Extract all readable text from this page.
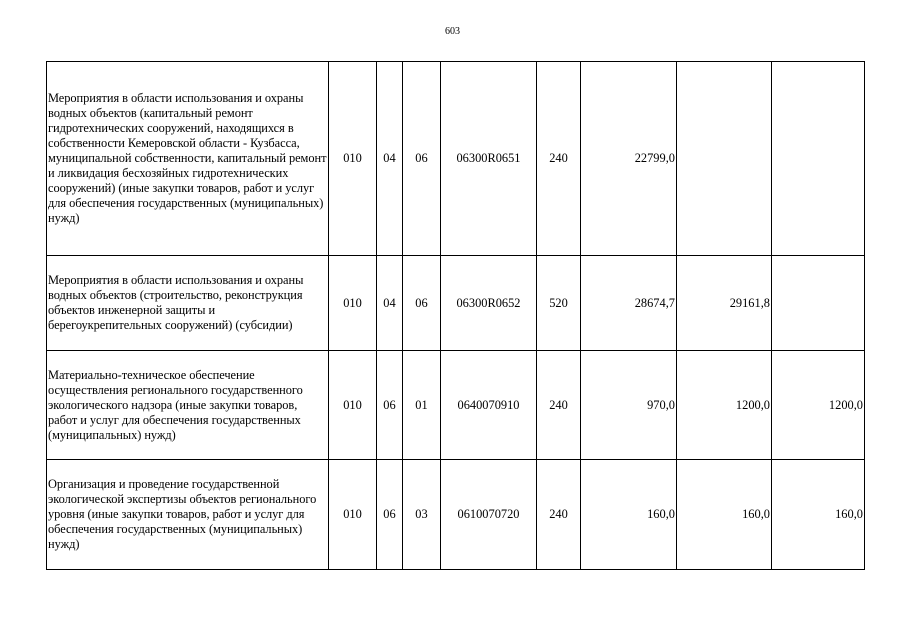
603
Мероприятия в области использования и охраны водных объектов (капитальный ремонт гидротехнических сооружений, находящихся в собственности Кемеровской области - Кузбасса, муниципальной собственности, капитальный ремонт и ликвидация бесхозяйных гидротехнических сооружений) (иные закупки товаров, работ и услуг для обеспечения государственных (муниципальных) нужд)	010	04	06	06300R0651	240	22799,0		
Мероприятия в области использования и охраны водных объектов (строительство, реконструкция объектов инженерной защиты и берегоукрепительных сооружений) (субсидии)	010	04	06	06300R0652	520	28674,7	29161,8	
Материально-техническое обеспечение осуществления регионального государственного экологического надзора (иные закупки товаров, работ и услуг для обеспечения государственных (муниципальных) нужд)	010	06	01	0640070910	240	970,0	1200,0	1200,0
Организация и проведение государственной экологической экспертизы объектов регионального уровня (иные закупки товаров, работ и услуг для обеспечения государственных (муниципальных) нужд)	010	06	03	0610070720	240	160,0	160,0	160,0
